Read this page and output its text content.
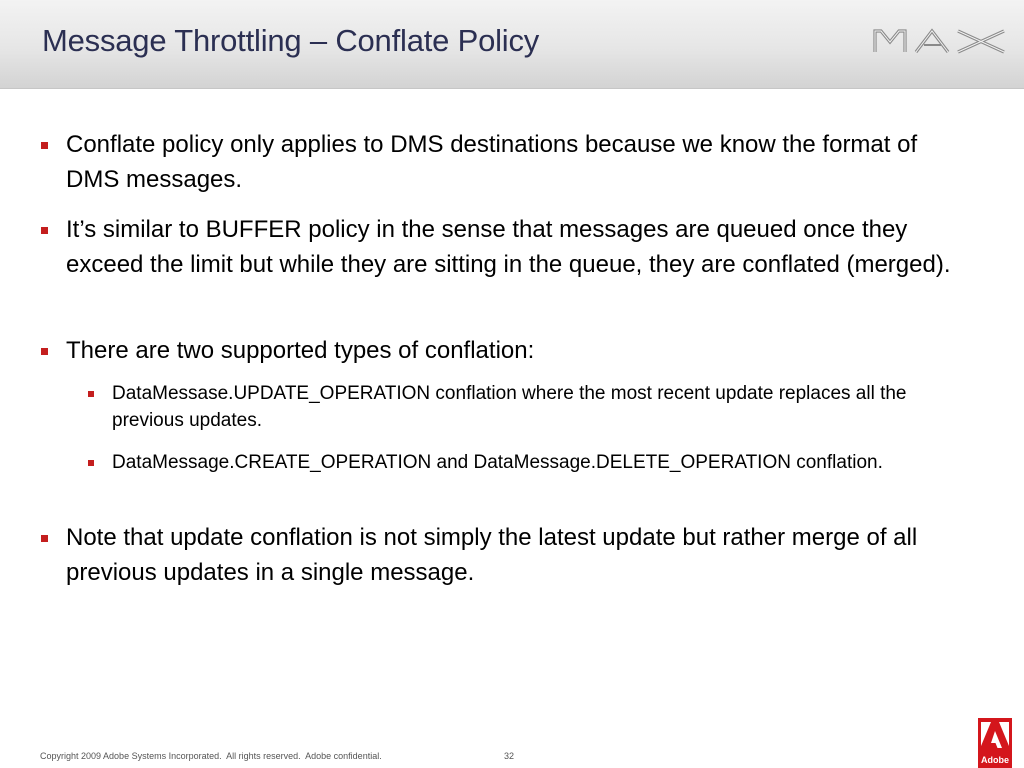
Message Throttling – Conflate Policy
Conflate policy only applies to DMS destinations because we know the format of DMS messages.
It’s similar to BUFFER policy in the sense that messages are queued once they exceed the limit but while they are sitting in the queue, they are conflated (merged).
There are two supported types of conflation:
DataMessase.UPDATE_OPERATION conflation where the most recent update replaces all the previous updates.
DataMessage.CREATE_OPERATION and DataMessage.DELETE_OPERATION conflation.
Note that update conflation is not simply the latest update but rather merge of all previous updates in a single message.
Copyright 2009 Adobe Systems Incorporated.  All rights reserved.  Adobe confidential.	32	Adobe
